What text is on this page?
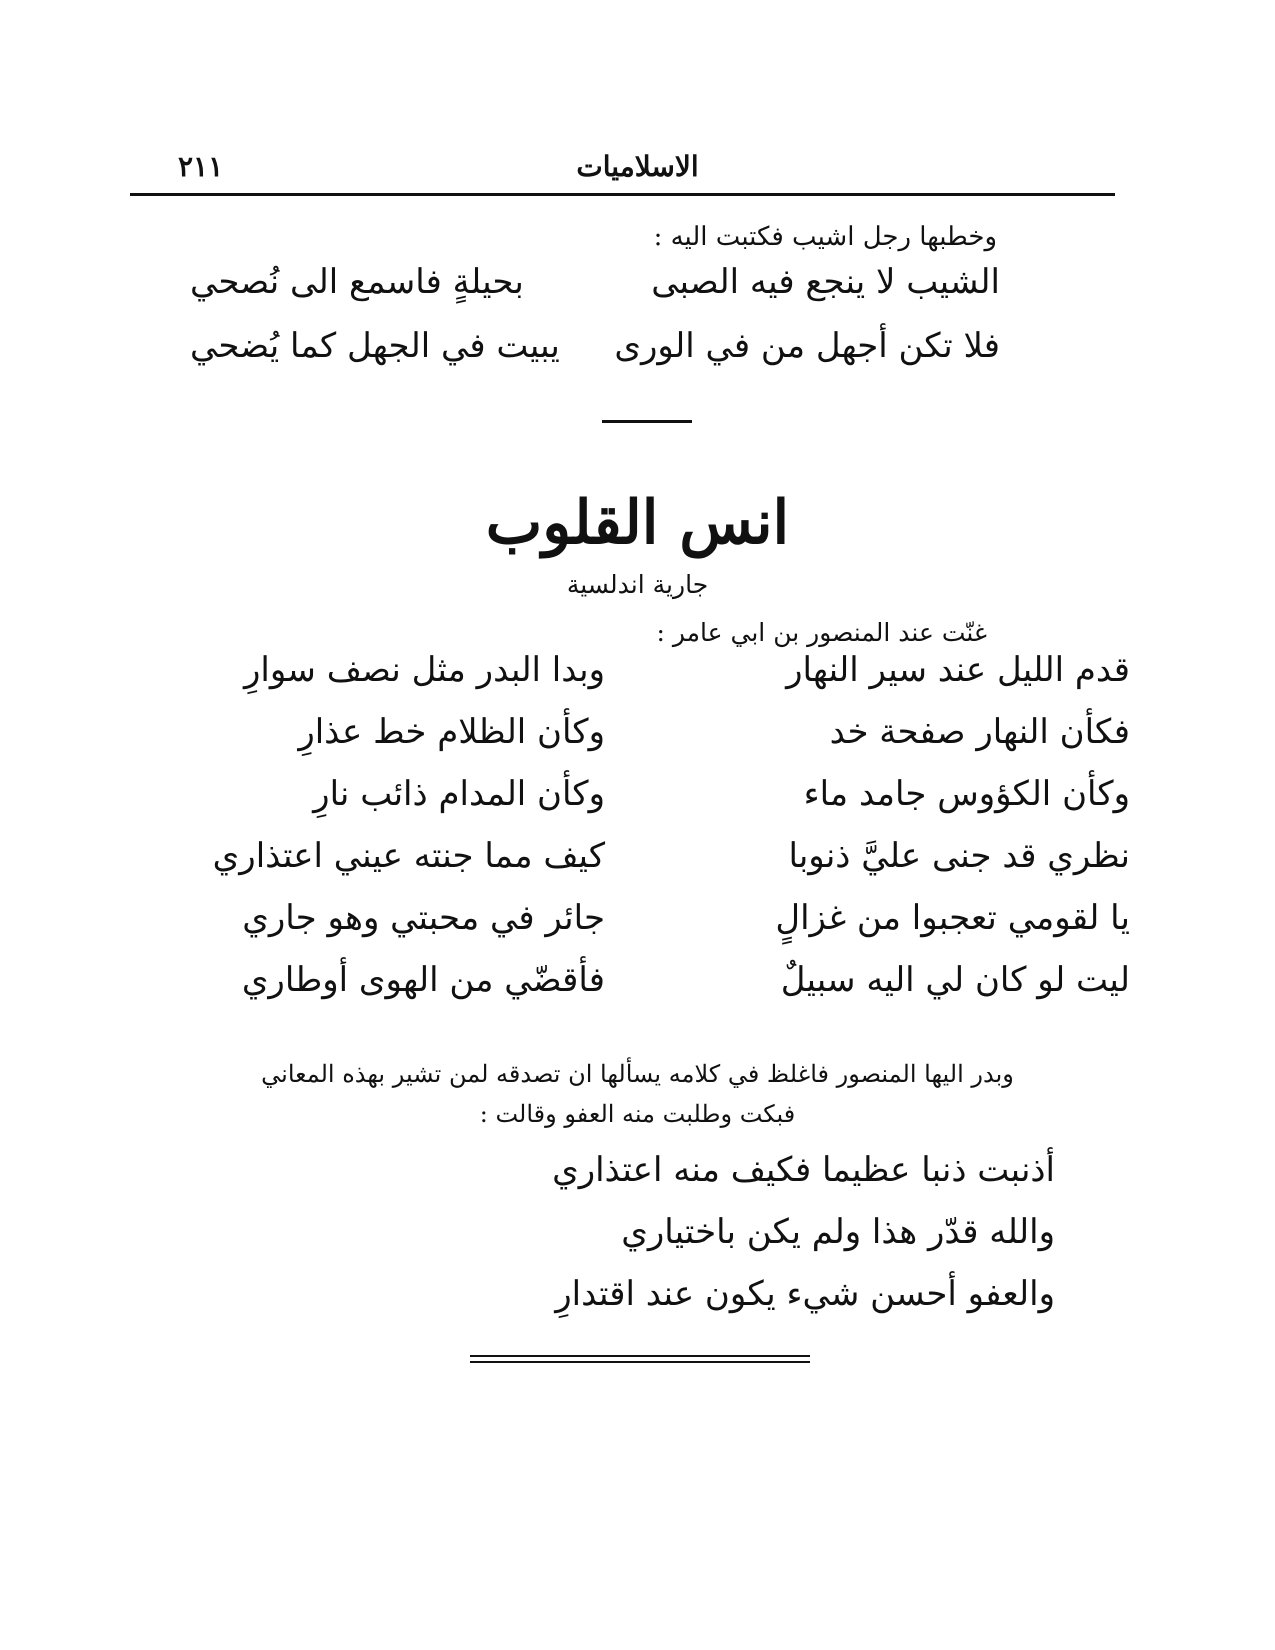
الاسلاميات
٢١١
وخطبها رجل اشيب فكتبت اليه :
الشيب لا ينجع فيه الصبى
بحيلةٍ فاسمع الى نُصحي
فلا تكن أجهل من في الورى
يبيت في الجهل كما يُضحي
انس القلوب
جارية اندلسية
غنّت عند المنصور بن ابي عامر :
قدم الليل عند سير النهار
وبدا البدر مثل نصف سوارِ
فكأن النهار صفحة خد
وكأن الظلام خط عذارِ
وكأن الكؤوس جامد ماء
وكأن المدام ذائب نارِ
نظري قد جنى عليَّ ذنوبا
كيف مما جنته عيني اعتذاري
يا لقومي تعجبوا من غزالٍ
جائر في محبتي وهو جاري
ليت لو كان لي اليه سبيلٌ
فأقضّي من الهوى أوطاري
وبدر اليها المنصور فاغلظ في كلامه يسألها ان تصدقه لمن تشير بهذه المعاني
فبكت وطلبت منه العفو وقالت :
أذنبت ذنبا عظيما فكيف منه اعتذاري
والله قدّر هذا ولم يكن باختياري
والعفو أحسن شيء يكون عند اقتدارِ
